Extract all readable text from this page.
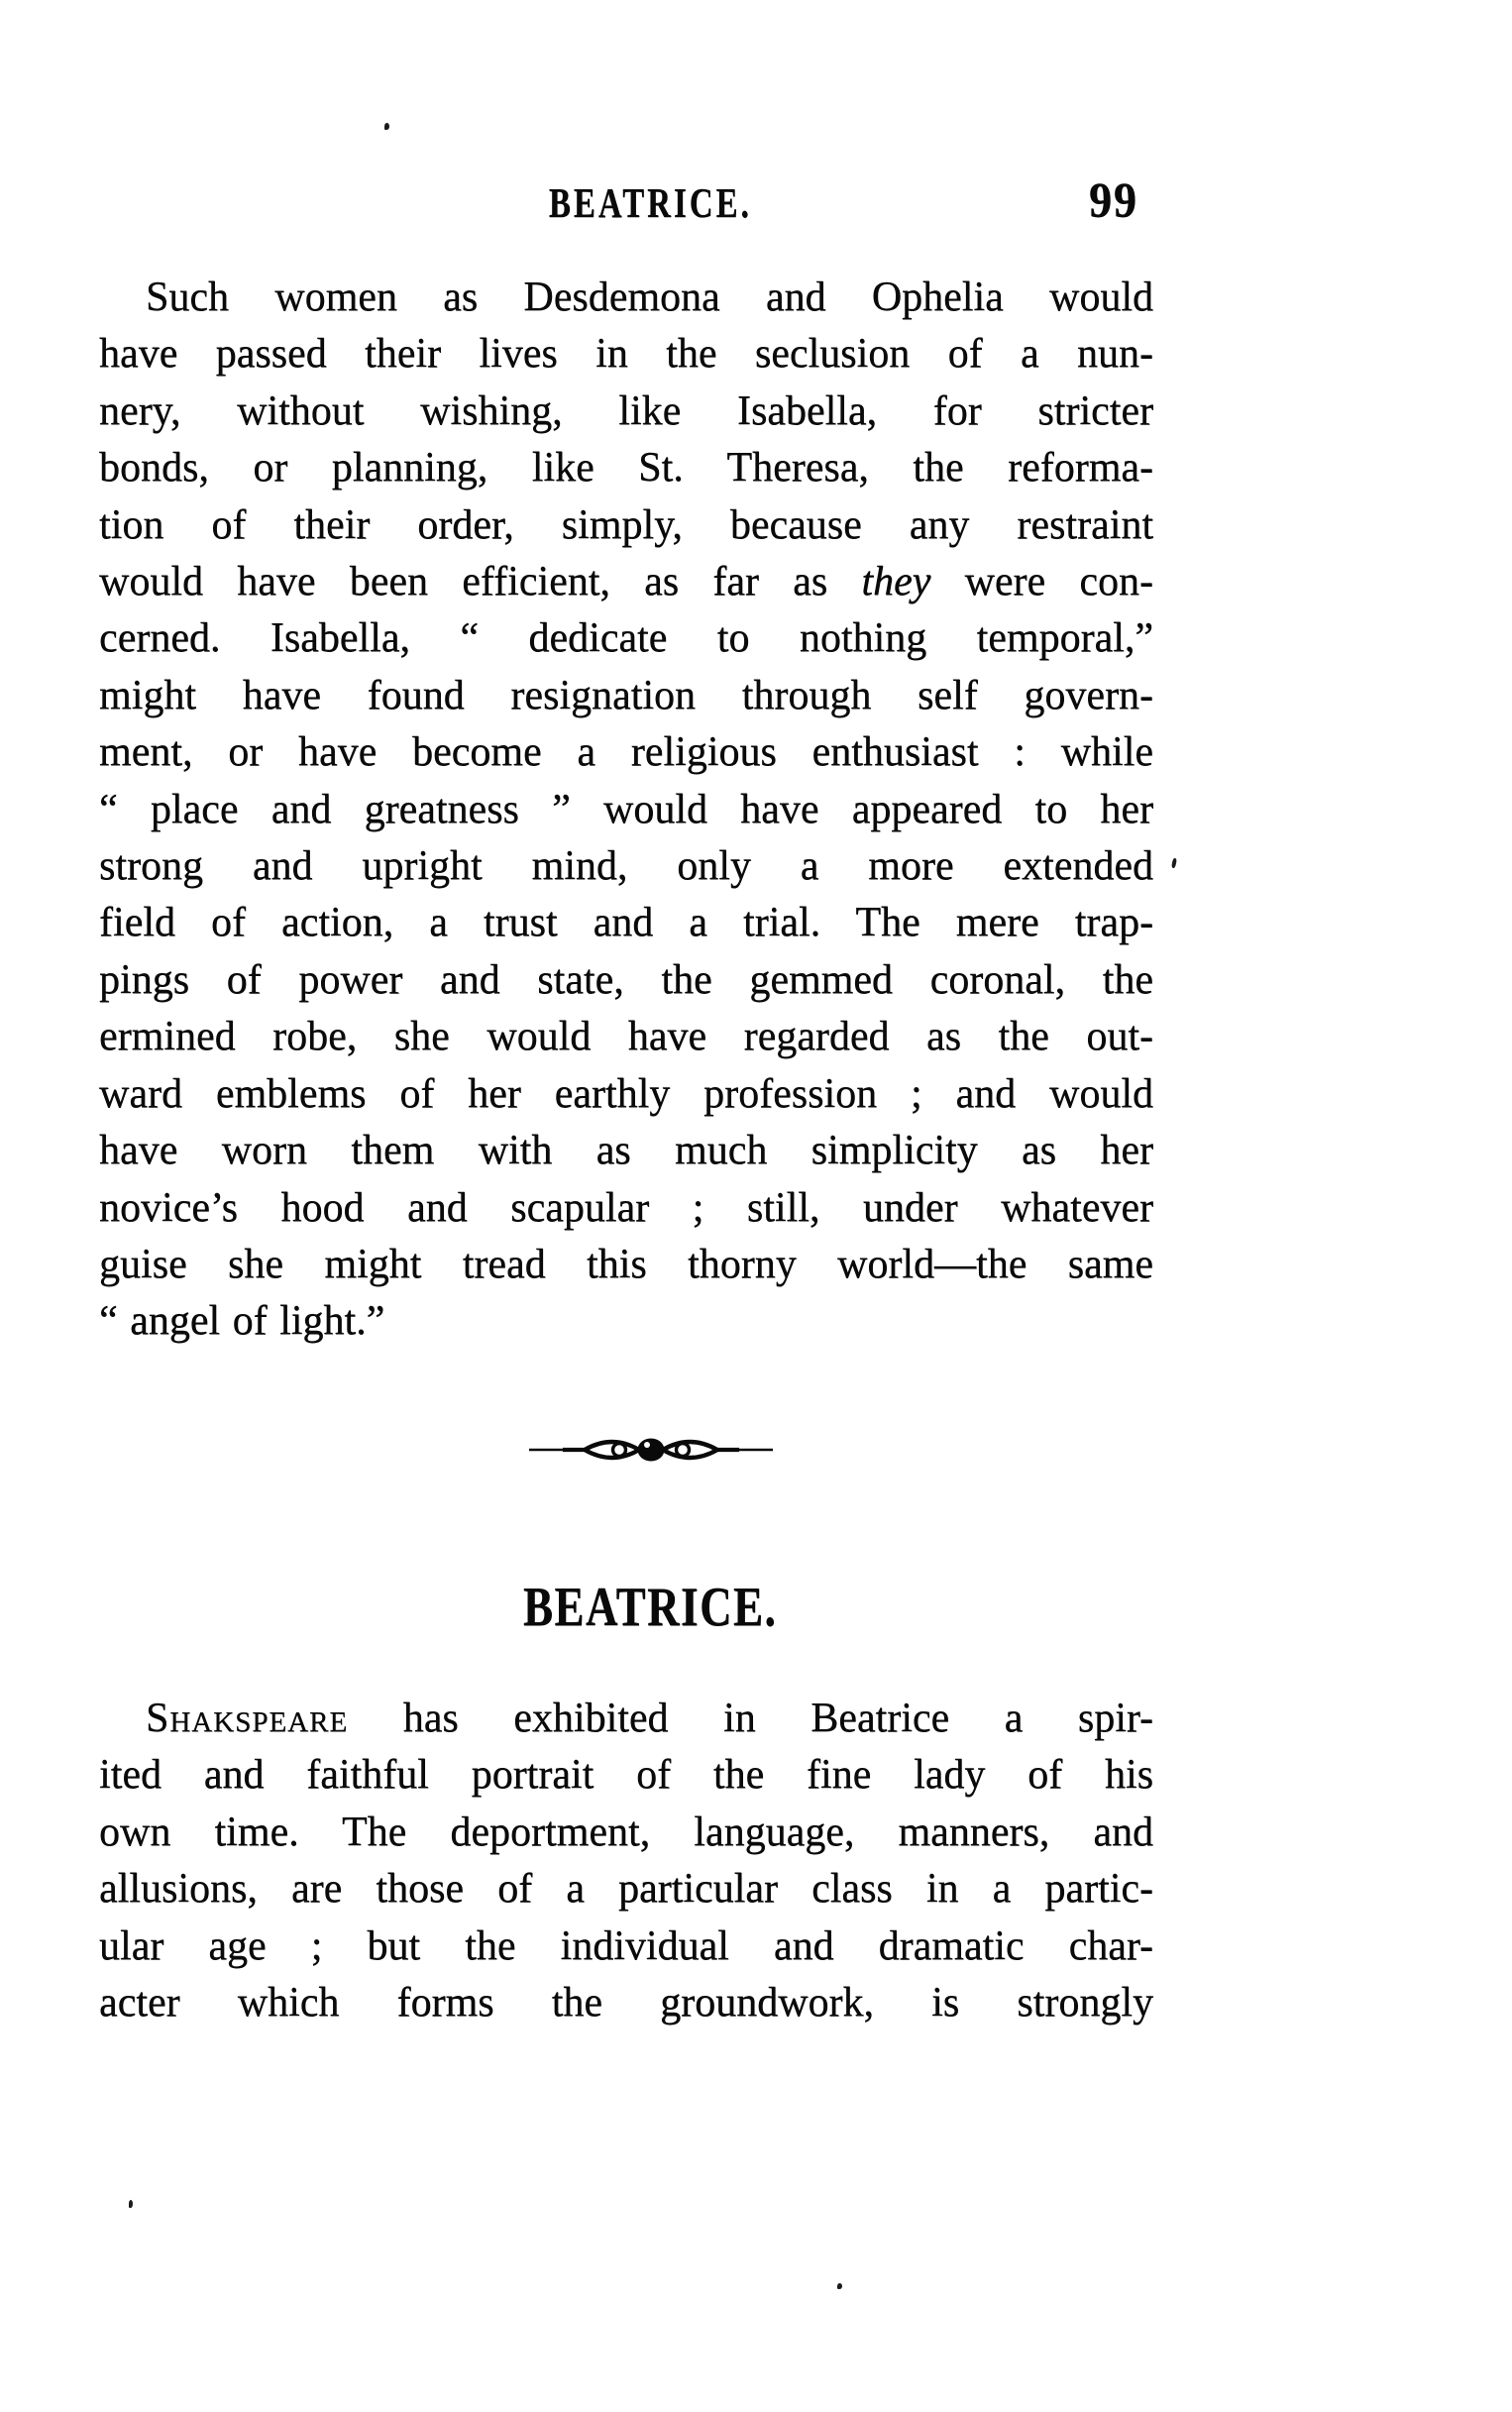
BEATRICE.	99
Such women as Desdemona and Ophelia would
have passed their lives in the seclusion of a nun-
nery, without wishing, like Isabella, for stricter
bonds, or planning, like St. Theresa, the reforma-
tion of their order, simply, because any restraint
would have been efficient, as far as they were con-
cerned. Isabella, “ dedicate to nothing temporal,”
might have found resignation through self govern-
ment, or have become a religious enthusiast : while
“ place and greatness ” would have appeared to her
strong and upright mind, only a more extended
field of action, a trust and a trial. The mere trap-
pings of power and state, the gemmed coronal, the
ermined robe, she would have regarded as the out-
ward emblems of her earthly profession ; and would
have worn them with as much simplicity as her
novice’s hood and scapular ; still, under whatever
guise she might tread this thorny world—the same
“ angel of light.”
BEATRICE.
Shakspeare has exhibited in Beatrice a spir-
ited and faithful portrait of the fine lady of his
own time. The deportment, language, manners, and
allusions, are those of a particular class in a partic-
ular age ; but the individual and dramatic char-
acter which forms the groundwork, is strongly
